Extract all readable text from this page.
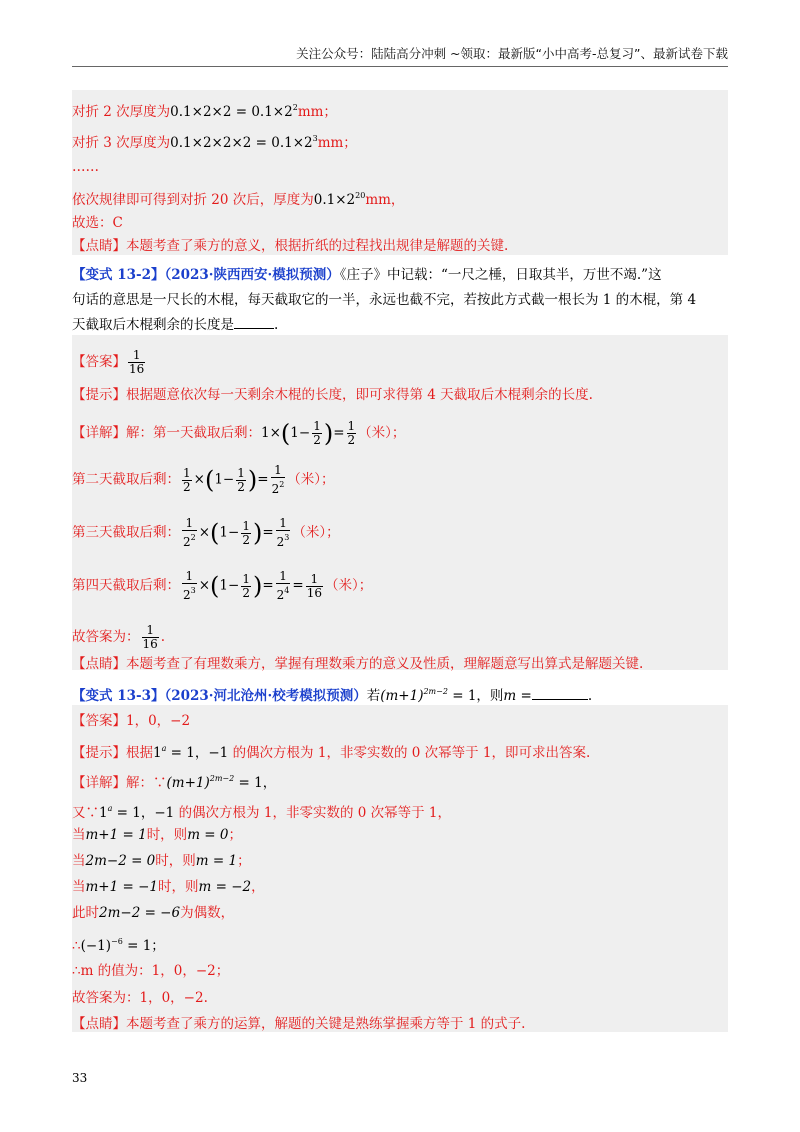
关注公众号：陆陆高分冲刺 ~领取：最新版“小中高考-总复习”、最新试卷下载
对折 2 次厚度为$0.1\times 2\times 2 = 0.1\times 2^2mm$；
对折 3 次厚度为$0.1\times 2\times 2\times 2 = 0.1\times 2^3mm$；
……
依次规律即可得到对折 20 次后，厚度为$0.1\times 2^{20}mm$，
故选：C
【点睛】本题考查了乘方的意义，根据折纸的过程找出规律是解题的关键.
【变式 13-2】（2023·陕西西安·模拟预测）《庄子》中记载：“一尺之棰，日取其半，万世不竭.”这
句话的意思是一尺长的木棍，每天截取它的一半，永远也截不完，若按此方式截一根长为 1 的木棍，第 4
天截取后木棍剩余的长度是	.
【答案】 $\frac{1}{16}$
【提示】根据题意依次每一天剩余木棍的长度，即可求得第 4 天截取后木棍剩余的长度.
【详解】解：第一天截取后剩：$1\times(1- \frac{1}{2}$ )= $\frac{1}{2}$ （米）；
第二天截取后剩： $\frac{1}{2} \times(1- \frac{1}{2}$ )= $\frac{1}{2^2}$ （米）；
第三天截取后剩： $\frac{1}{2^2} \times(1- \frac{1}{2}$ )= $\frac{1}{2^3}$ （米）；
第四天截取后剩： $\frac{1}{2^3} \times(1- \frac{1}{2}$ )= $\frac{1}{2^4} = \frac{1}{16}$ （米）；
故答案为： $\frac{1}{16}$ .
【点睛】本题考查了有理数乘方，掌握有理数乘方的意义及性质，理解题意写出算式是解题关键.
【变式 13-3】（2023·河北沧州·校考模拟预测）若$(m+1)^{2m-2} = 1$，则m =	.
【答案】1，0，−2
【提示】根据$1^a = 1$，−1 的偶次方根为 1，非零实数的 0 次幂等于 1，即可求出答案.
【详解】解：$\because(m+1)^{2m-2} = 1$，
又$\because 1^a = 1$，−1 的偶次方根为 1，非零实数的 0 次幂等于 1，
当m+1 = 1时，则m = 0；
当2m−2 = 0时，则m = 1；
当m+1 = −1时，则m = −2，
此时2m−2 = −6为偶数，
$\therefore(-1)^{-6} = 1$；
∴m 的值为：1，0，−2；
故答案为：1，0，−2.
【点睛】本题考查了乘方的运算，解题的关键是熟练掌握乘方等于 1 的式子.
33
